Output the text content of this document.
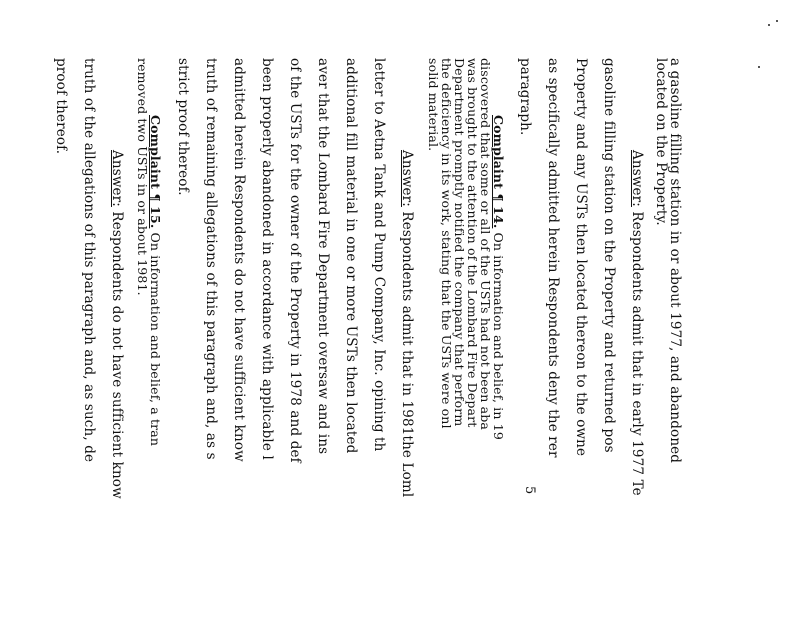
a gasoline filling station in or about 1977, and abandoned
located on the Property.
Answer: Respondents admit that in early 1977 Te
gasoline filling station on the Property and returned pos
Property and any USTs then located thereon to the owne
as specifically admitted herein Respondents deny the rer
paragraph.
Complaint ¶ 14. On information and belief, in 19
discovered that some or all of the USTs had not been aba
was brought to the attention of the Lombard Fire Depart
Department promptly notified the company that perform
the deficiency in its work, stating that the USTs were onl
solid material.
Answer: Respondents admit that in 1981the Loml
letter to Aetna Tank and Pump Company, Inc. opining th
additional fill material in one or more USTs then located
aver that the Lombard Fire Department oversaw and ins
of the USTs for the owner of the Property in 1978 and def
been properly abandoned in accordance with applicable l
admitted herein Respondents do not have sufficient know
truth of remaining allegations of this paragraph and, as s
strict proof thereof.
Complaint ¶ 15. On information and belief, a tran
removed two USTs in or about 1981.
Answer: Respondents do not have sufficient know
truth of the allegations of this paragraph and, as such, de
proof thereof.
5
